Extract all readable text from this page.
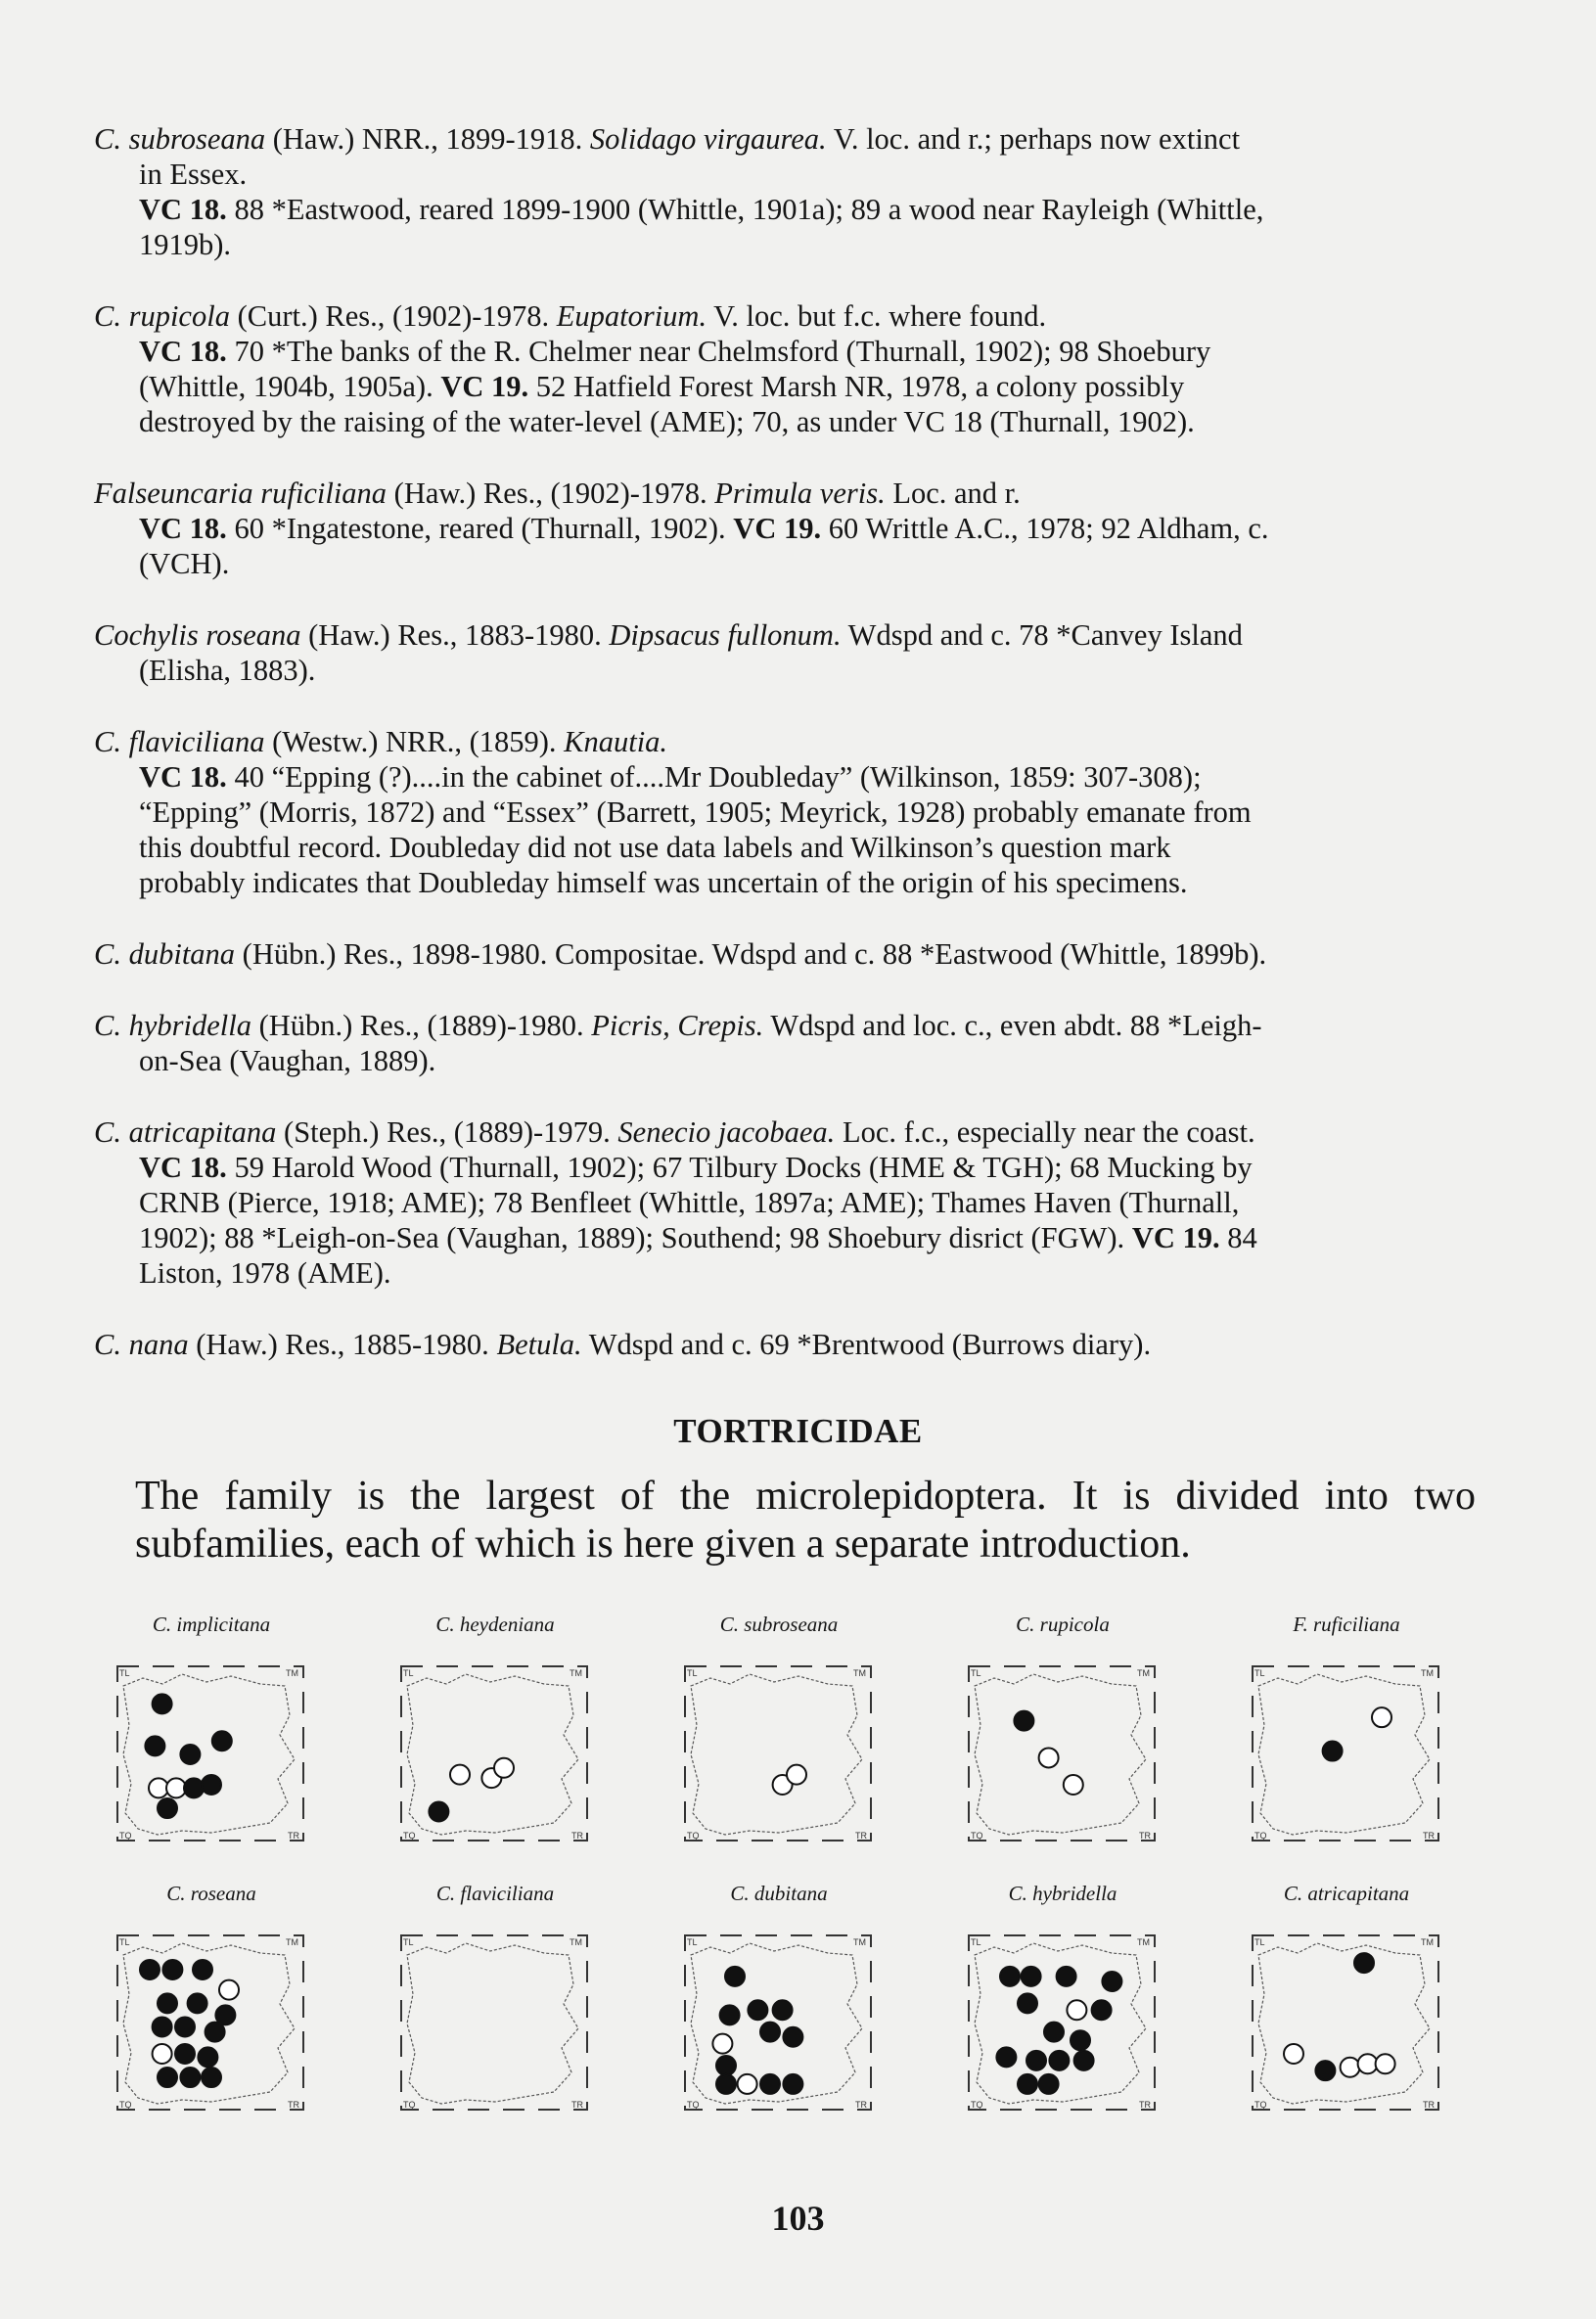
C. subroseana (Haw.) NRR., 1899-1918. Solidago virgaurea. V. loc. and r.; perhaps now extinct
in Essex.
VC 18. 88 *Eastwood, reared 1899-1900 (Whittle, 1901a); 89 a wood near Rayleigh (Whittle,
1919b).
C. rupicola (Curt.) Res., (1902)-1978. Eupatorium. V. loc. but f.c. where found.
VC 18. 70 *The banks of the R. Chelmer near Chelmsford (Thurnall, 1902); 98 Shoebury
(Whittle, 1904b, 1905a). VC 19. 52 Hatfield Forest Marsh NR, 1978, a colony possibly
destroyed by the raising of the water-level (AME); 70, as under VC 18 (Thurnall, 1902).
Falseuncaria ruficiliana (Haw.) Res., (1902)-1978. Primula veris. Loc. and r.
VC 18. 60 *Ingatestone, reared (Thurnall, 1902). VC 19. 60 Writtle A.C., 1978; 92 Aldham, c.
(VCH).
Cochylis roseana (Haw.) Res., 1883-1980. Dipsacus fullonum. Wdspd and c. 78 *Canvey Island
(Elisha, 1883).
C. flaviciliana (Westw.) NRR., (1859). Knautia.
VC 18. 40 “Epping (?)....in the cabinet of....Mr Doubleday” (Wilkinson, 1859: 307-308);
“Epping” (Morris, 1872) and “Essex” (Barrett, 1905; Meyrick, 1928) probably emanate from
this doubtful record. Doubleday did not use data labels and Wilkinson’s question mark
probably indicates that Doubleday himself was uncertain of the origin of his specimens.
C. dubitana (Hübn.) Res., 1898-1980. Compositae. Wdspd and c. 88 *Eastwood (Whittle, 1899b).
C. hybridella (Hübn.) Res., (1889)-1980. Picris, Crepis. Wdspd and loc. c., even abdt. 88 *Leigh-
on-Sea (Vaughan, 1889).
C. atricapitana (Steph.) Res., (1889)-1979. Senecio jacobaea. Loc. f.c., especially near the coast.
VC 18. 59 Harold Wood (Thurnall, 1902); 67 Tilbury Docks (HME & TGH); 68 Mucking by
CRNB (Pierce, 1918; AME); 78 Benfleet (Whittle, 1897a; AME); Thames Haven (Thurnall,
1902); 88 *Leigh-on-Sea (Vaughan, 1889); Southend; 98 Shoebury disrict (FGW). VC 19. 84
Liston, 1978 (AME).
C. nana (Haw.) Res., 1885-1980. Betula. Wdspd and c. 69 *Brentwood (Burrows diary).
TORTRICIDAE
The family is the largest of the microlepidoptera. It is divided into two subfamilies, each of which is here given a separate introduction.
C. implicitana
TL	TM
TQ	TR
C. heydeniana
TL	TM
TQ	TR
C. subroseana
TL	TM
TQ	TR
C. rupicola
TL	TM
TQ	TR
F. ruficiliana
TL	TM
TQ	TR
C. roseana
TL	TM
TQ	TR
C. flaviciliana
TL	TM
TQ	TR
C. dubitana
TL	TM
TQ	TR
C. hybridella
TL	TM
TQ	TR
C. atricapitana
TL	TM
TQ	TR
103
